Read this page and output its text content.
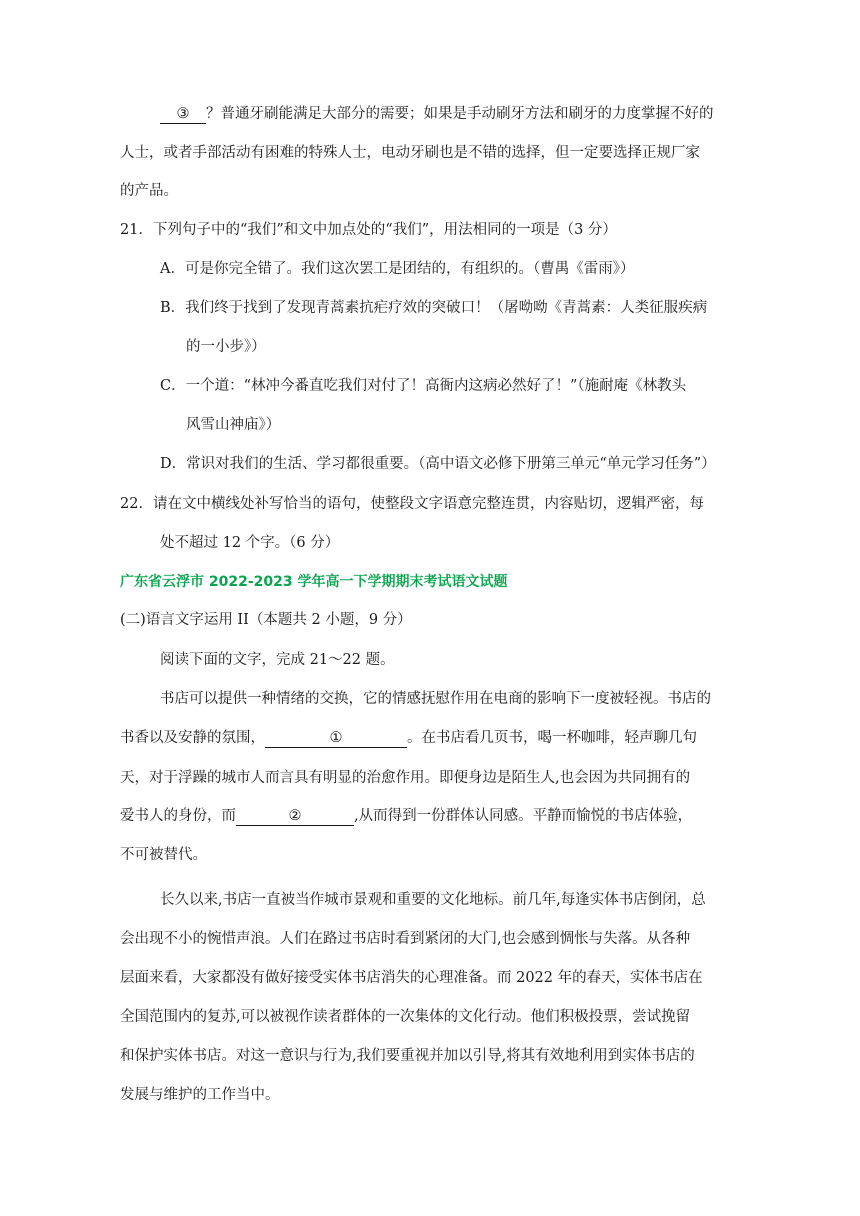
③ ？普通牙刷能满足大部分的需要；如果是手动刷牙方法和刷牙的力度掌握不好的
人士，或者手部活动有困难的特殊人士，电动牙刷也是不错的选择，但一定要选择正规厂家
的产品。
21．下列句子中的“我们”和文中加点处的“我们”，用法相同的一项是（3 分）
A．可是你完全错了。我们这次罢工是团结的，有组织的。（曹禺《雷雨》）
B．我们终于找到了发现青蒿素抗疟疗效的突破口！（屠呦呦《青蒿素：人类征服疾病
的一小步》）
C．一个道：“林冲今番直吃我们对付了！高衙内这病必然好了！”（施耐庵《林教头
风雪山神庙》）
D．常识对我们的生活、学习都很重要。（高中语文必修下册第三单元“单元学习任务”）
22．请在文中横线处补写恰当的语句，使整段文字语意完整连贯，内容贴切，逻辑严密，每
处不超过 12 个字。（6 分）
广东省云浮市 2022-2023 学年高一下学期期末考试语文试题
(二)语言文字运用 II（本题共 2 小题，9 分）
阅读下面的文字，完成 21～22 题。
书店可以提供一种情绪的交换，它的情感抚慰作用在电商的影响下一度被轻视。书店的
书香以及安静的氛围，	①	。在书店看几页书，喝一杯咖啡，轻声聊几句
天，对于浮躁的城市人而言具有明显的治愈作用。即便身边是陌生人,也会因为共同拥有的
爱书人的身份，而	②	,从而得到一份群体认同感。平静而愉悦的书店体验，
不可被替代。
长久以来,书店一直被当作城市景观和重要的文化地标。前几年,每逢实体书店倒闭，总
会出现不小的惋惜声浪。人们在路过书店时看到紧闭的大门,也会感到惆怅与失落。从各种
层面来看，大家都没有做好接受实体书店消失的心理准备。而 2022 年的春天，实体书店在
全国范围内的复苏,可以被视作读者群体的一次集体的文化行动。他们积极投票，尝试挽留
和保护实体书店。对这一意识与行为,我们要重视并加以引导,将其有效地利用到实体书店的
发展与维护的工作当中。
